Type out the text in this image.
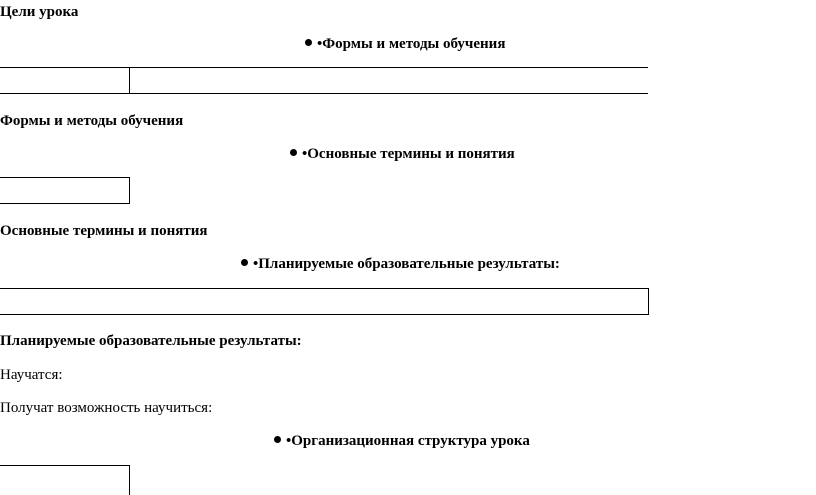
Цели урока
•Формы и методы обучения
Формы и методы обучения
•Основные термины и понятия
Основные термины и понятия
•Планируемые образовательные результаты:
Планируемые образовательные результаты:
Научатся:
Получат возможность научиться:
•Организационная структура урока
